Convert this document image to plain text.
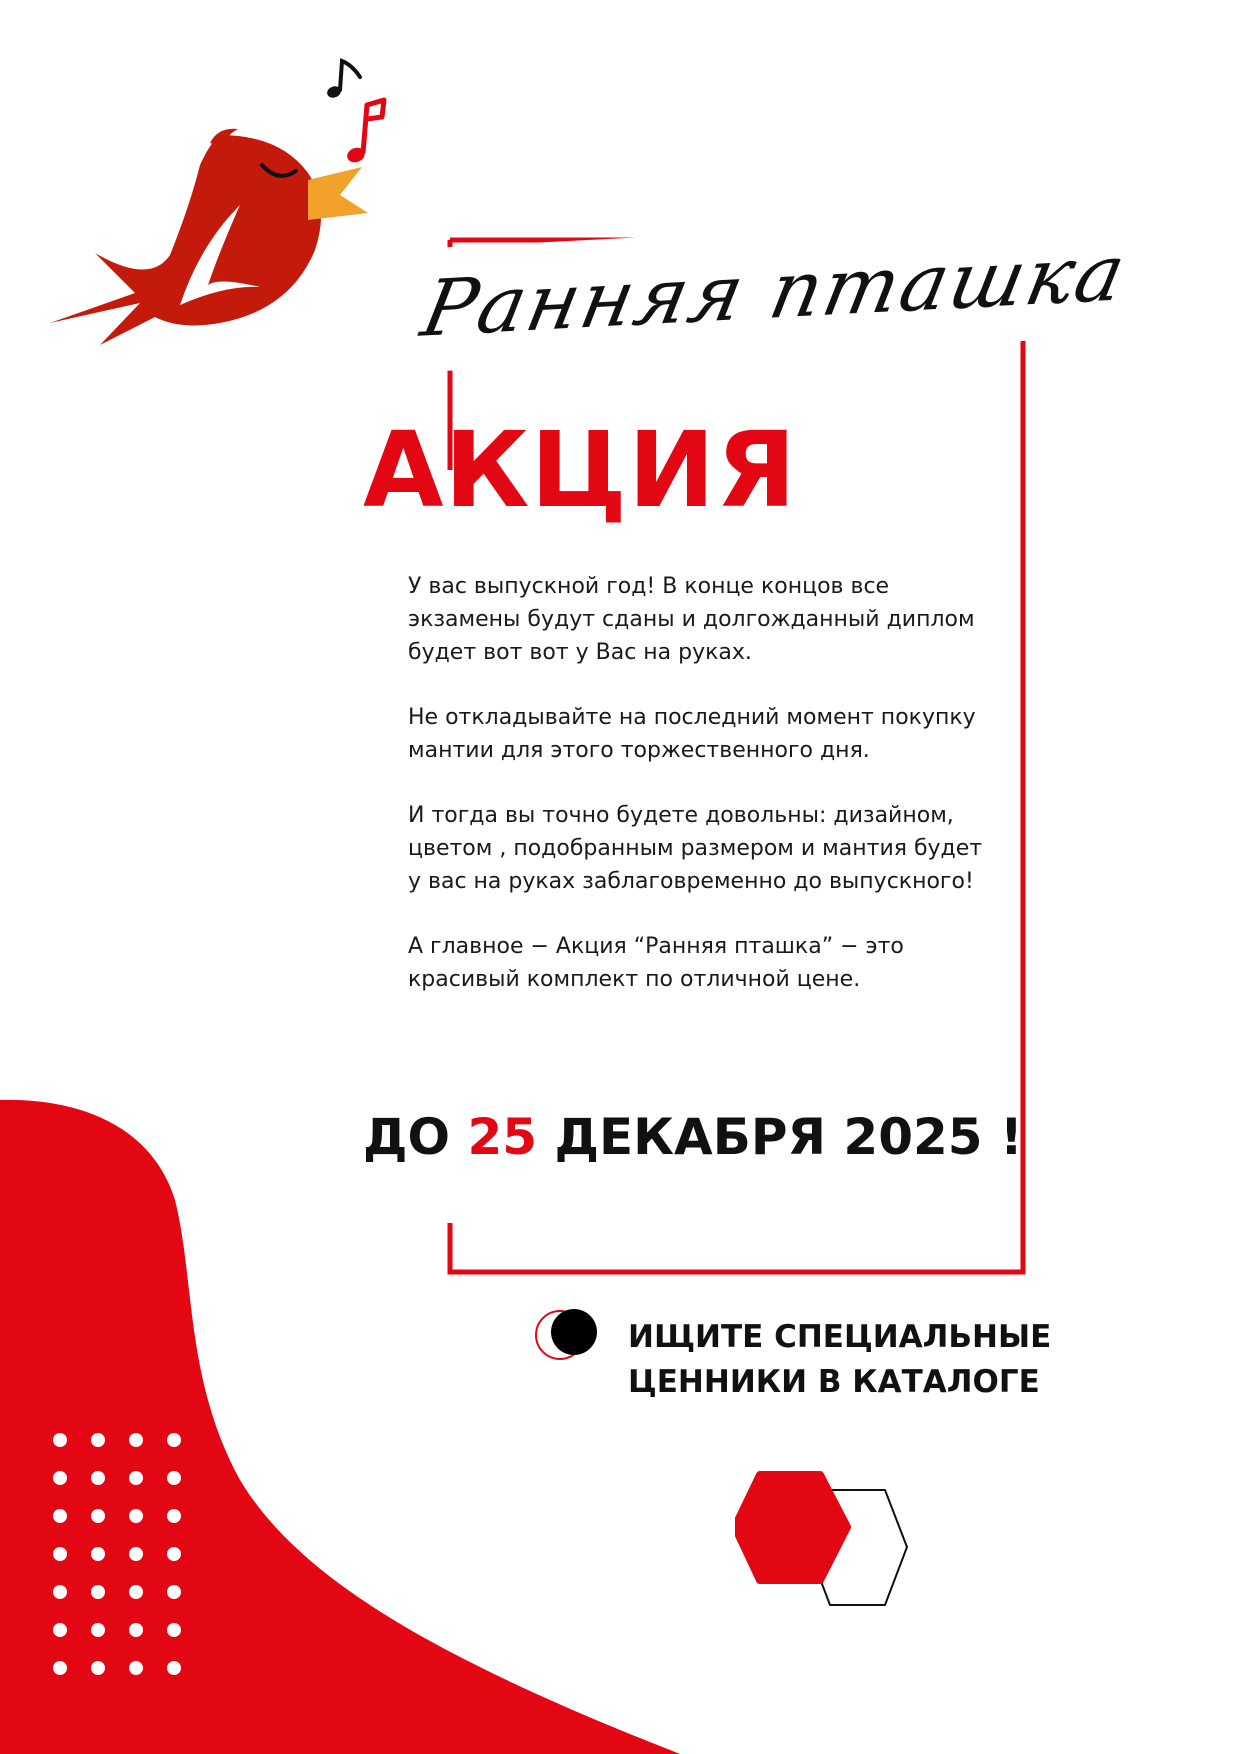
Ранняя пташка
АКЦИЯ

У вас выпускной год! В конце концов все экзамены будут сданы и долгожданный диплом будет вот вот у Вас на руках.

Не откладывайте на последний момент покупку мантии для этого торжественного дня.

И тогда вы точно будете довольны: дизайном, цветом , подобранным размером и мантия будет у вас на руках заблаговременно до выпускного!

А главное − Акция “Ранняя пташка” − это красивый комплект по отличной цене.

ДО 25 ДЕКАБРЯ 2025 !
ИЩИТЕ СПЕЦИАЛЬНЫЕ
ЦЕННИКИ В КАТАЛОГЕ
